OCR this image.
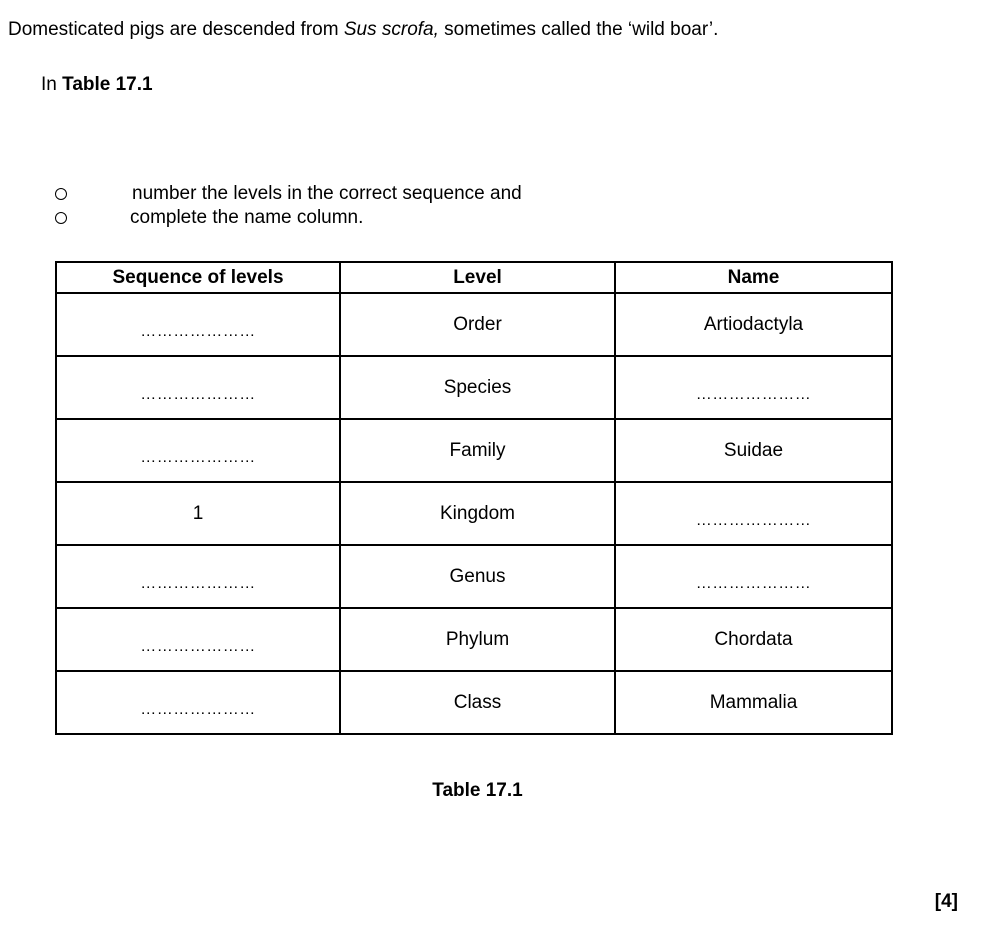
Domesticated pigs are descended from Sus scrofa, sometimes called the ‘wild boar’.
In Table 17.1
number the levels in the correct sequence and
complete the name column.
Sequence of levels	Level	Name
…………………	Order	Artiodactyla
…………………	Species	…………………
…………………	Family	Suidae
1	Kingdom	…………………
…………………	Genus	…………………
…………………	Phylum	Chordata
…………………	Class	Mammalia
Table 17.1
[4]
